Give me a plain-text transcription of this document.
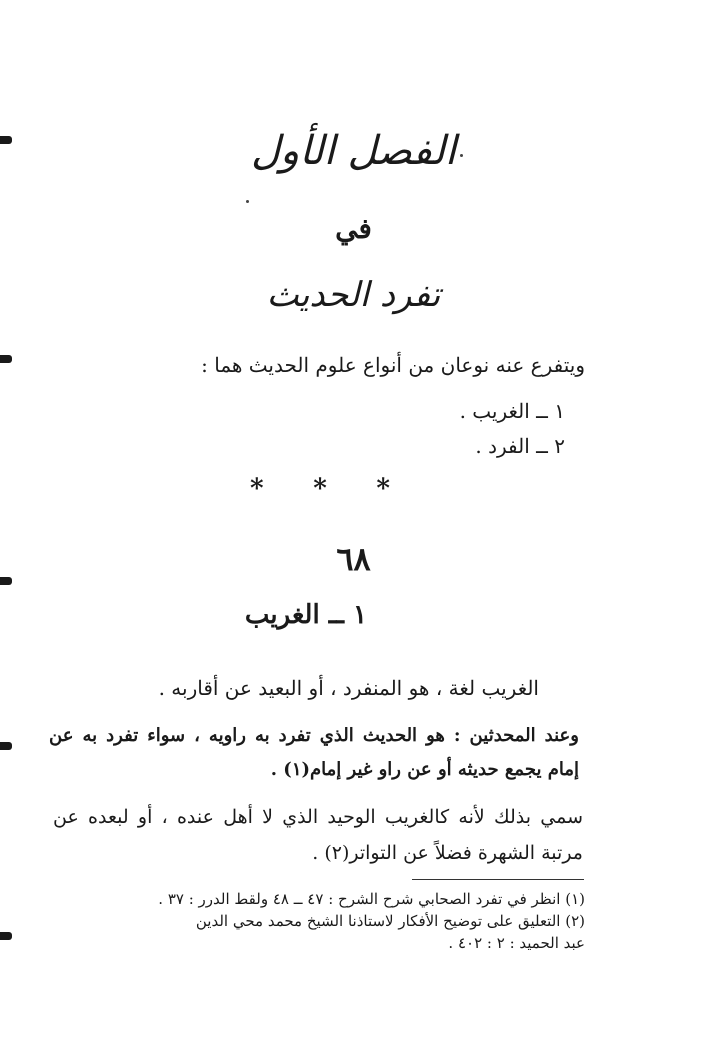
الفصل الأول
في
تفرد الحديث
ويتفرع عنه نوعان من أنواع علوم الحديث هما :
١ ــ الغريب .
٢ ــ الفرد .
* * *
٦٨
١ ــ الغريب
الغريب لغة ، هو المنفرد ، أو البعيد عن أقاربه .
وعند المحدثين : هو الحديث الذي تفرد به راويه ، سواء تفرد به عن إمام يجمع حديثه أو عن راو غير إمام(١) .
سمي بذلك لأنه كالغريب الوحيد الذي لا أهل عنده ، أو لبعده عن مرتبة الشهرة فضلاً عن التواتر(٢) .
(١) انظر في تفرد الصحابي شرح الشرح : ٤٧ ــ ٤٨ ولقط الدرر : ٣٧ .
(٢) التعليق على توضيح الأفكار لاستاذنا الشيخ محمد محي الدين
عبد الحميد : ٢ : ٤٠٢ .
